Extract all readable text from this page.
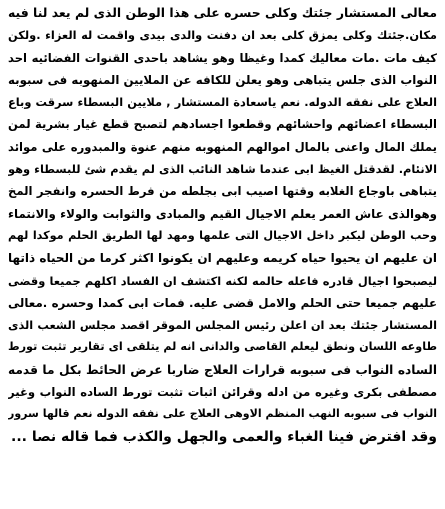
معالى المستشار جئتك وكلى حسره على هذا الوطن الذى لم يعد لنا فيه
مكان.جئتك وكلى يمزق كلى بعد ان دفنت والدى بيدى واقمت له العزاء .ولكن
كيف مات .مات معاليك كمدا وغيظا وهو يشاهد باحدى القنوات الفضائيه احد
النواب الذى جلس يتباهى وهو يعلن للكافه عن الملايين المنهوبه فى سبوبه
العلاج على نفقه الدوله. نعم ياسعادة المستشار , ملايين البسطاء سرقت وباع
البسطاء اعضائهم واحشائهم وقطعوا اجسادهم لتصبح قطع غيار بشرية لمن
يملك المال واعنى بالمال اموالهم المنهوبه منهم عنوة والمبدوره على موائد
الانئام. لقدقتل الغيظ ابى عندما شاهد النائب الذى لم يقدم شئ للبسطاء وهو
يتباهى باوجاع الغلابه وقتها اصيب ابى بجلطه من فرط الحسره وانفجر المخ
وهوالذى عاش العمر يعلم الاجيال القيم والمبادى والثوابت والولاء والانتماء
وحب الوطن ليكبر داخل الاجيال التى علمها ومهد لها الطريق الحلم موكدا لهم
ان عليهم ان يحيوا حياه كريمه وعليهم ان يكونوا اكثر كرما من الحياه ذاتها
ليصبحوا اجيال قادره فاعله حالمه لكنه اكتشف ان الفساد اكلهم جميعا وقضى
عليهم جميعا حتى الحلم والامل قضى عليه. فمات ابى كمدا وحسره .معالى
المستشار جئتك بعد ان اعلن رئيس المجلس الموقر اقصد مجلس الشعب الذى
طاوعه اللسان ونطق ليعلم القاصى والدانى انه لم يتلقى اى تقارير تثبت تورط
الساده النواب فى سبوبه قرارات العلاج ضاربا عرض الحائط بكل ما قدمه
مصطفى بكرى وغيره من ادله وقرائن اثبات تثبت تورط الساده النواب وغير
النواب فى سبوبه النهب المنظم الاوهى العلاج على نفقه الدوله نعم قالها سرور
وقد افترض فينا الغباء والعمى والجهل والكذب فما قاله نصا ...
